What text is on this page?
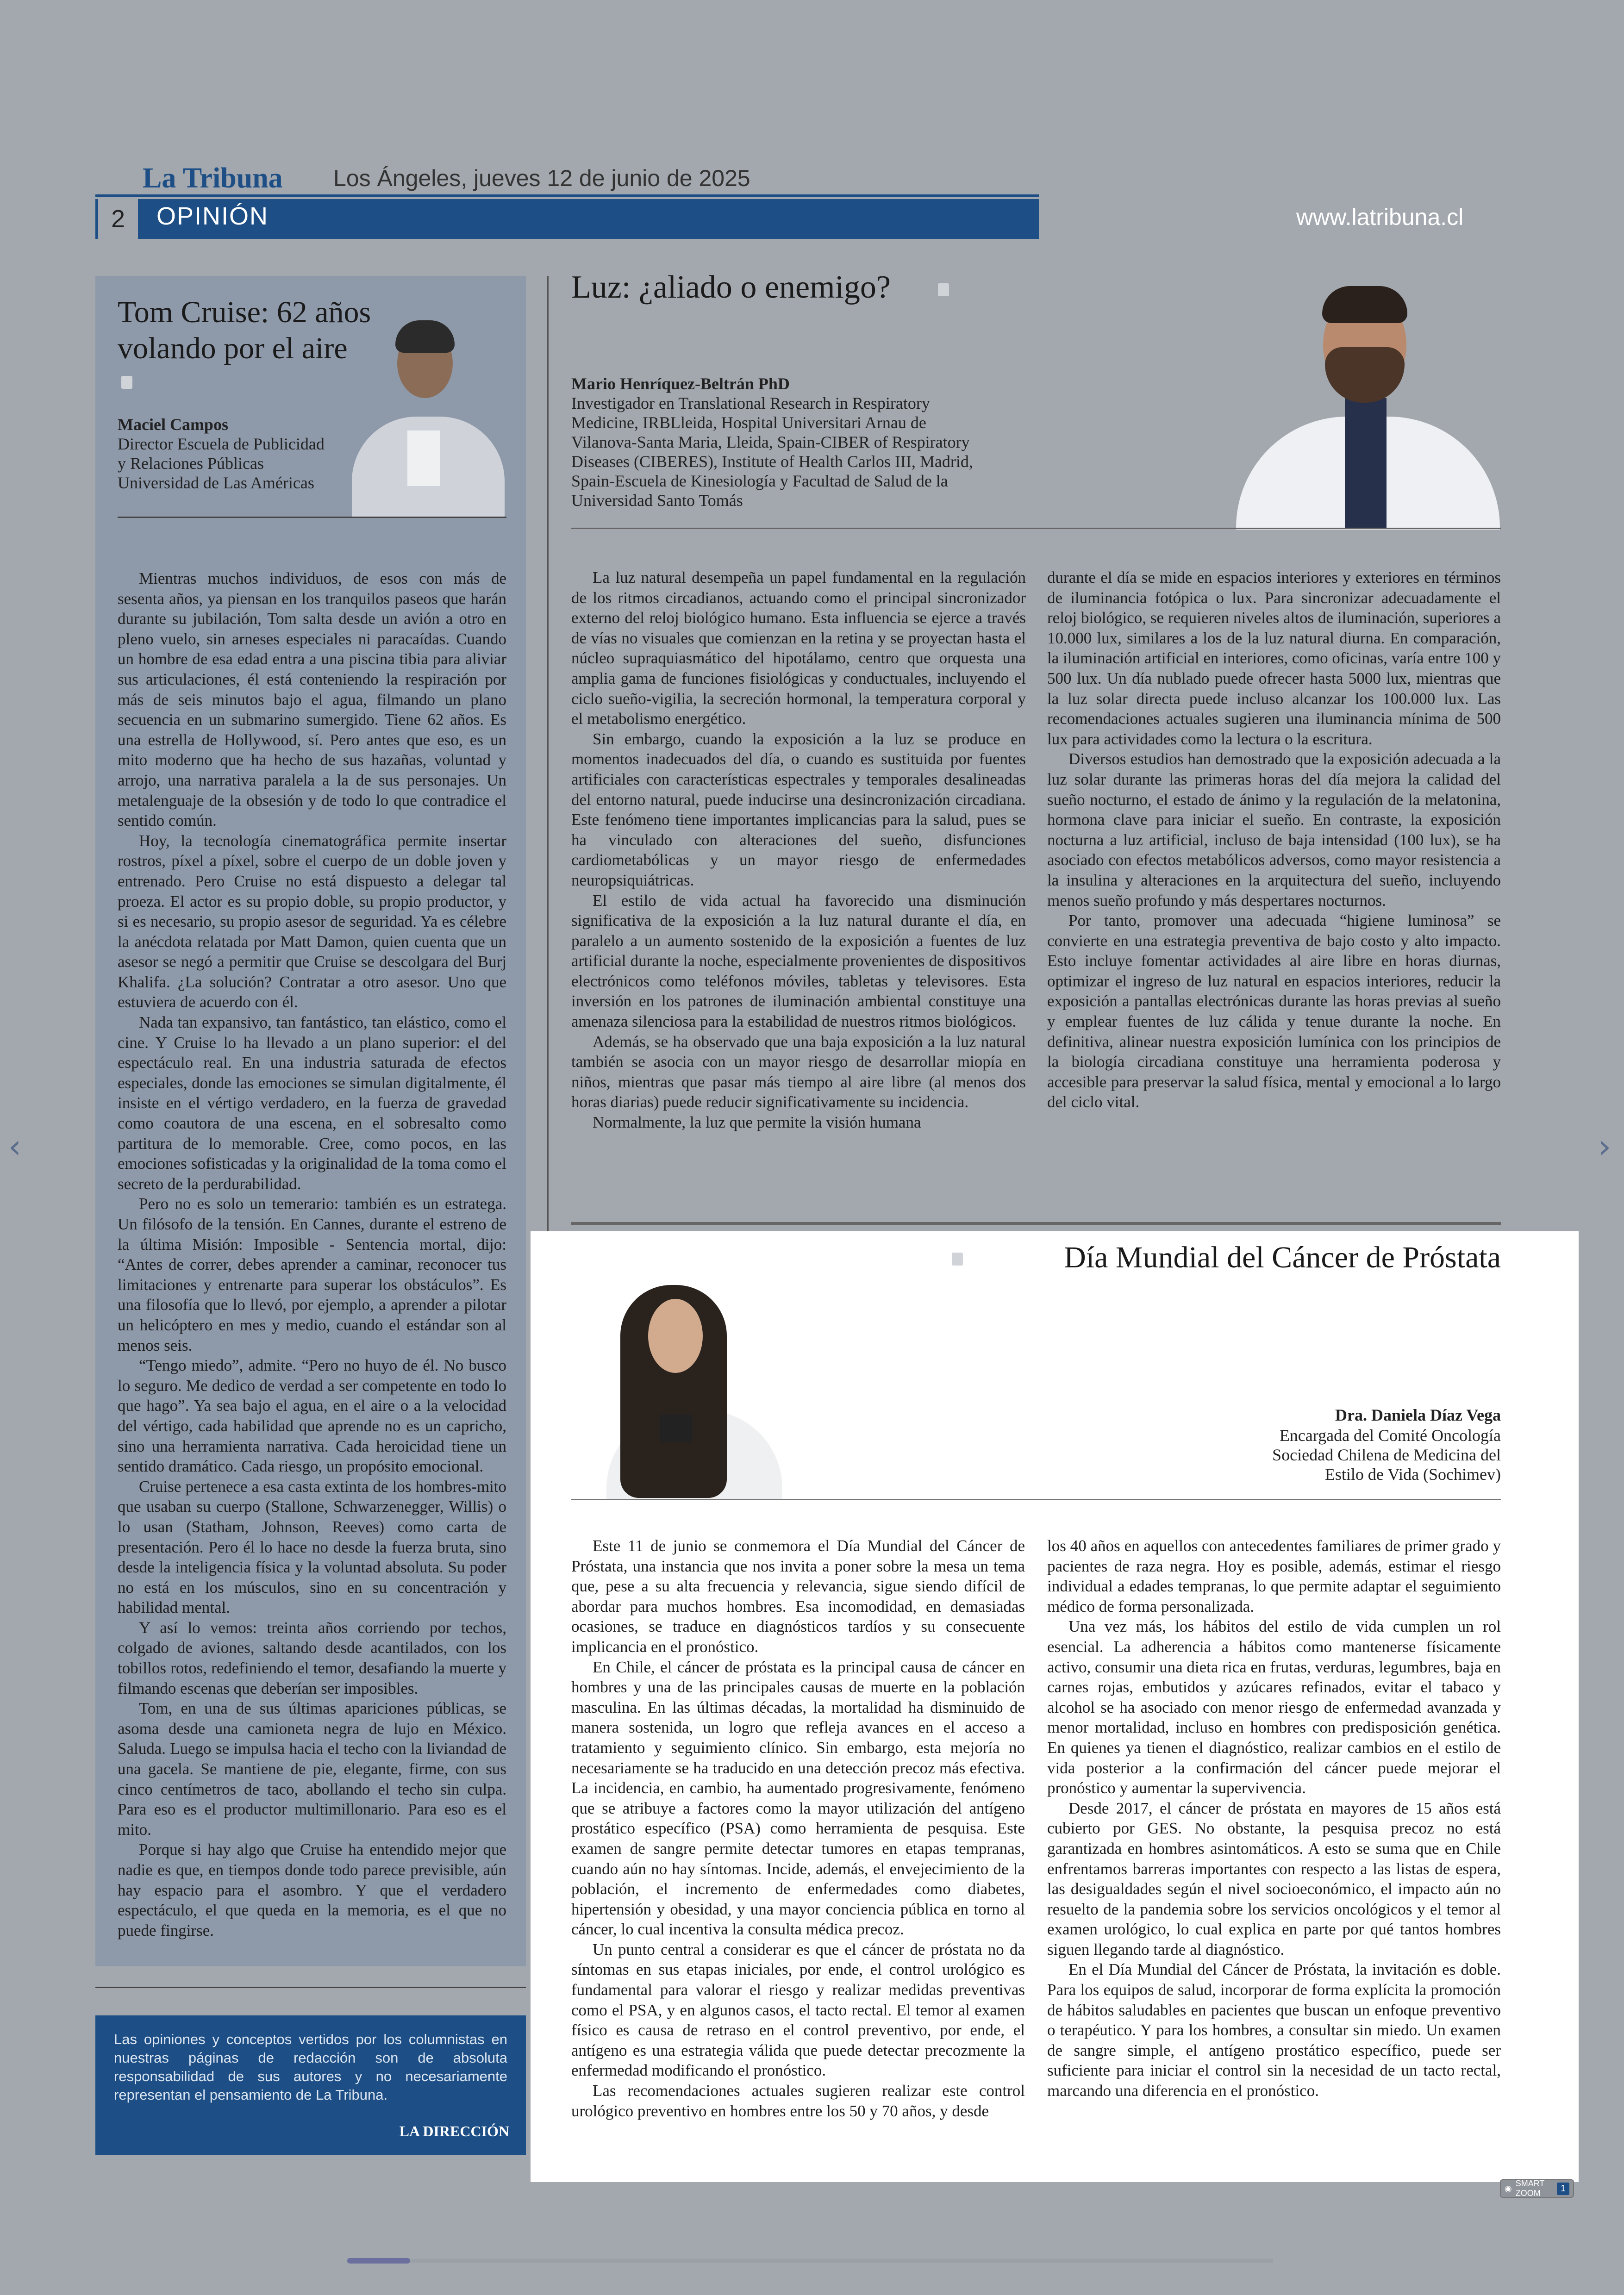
La Tribuna Los Ángeles, jueves 12 de junio de 2025
2	OPINIÓN	www.latribuna.cl
Tom Cruise: 62 años volando por el aire
Maciel Campos
Director Escuela de Publicidad
y Relaciones Públicas
Universidad de Las Américas

Mientras muchos individuos, de esos con más de sesenta años, ya piensan en los tranquilos paseos que harán durante su jubilación, Tom salta desde un avión a otro en pleno vuelo, sin arneses especiales ni paracaídas. Cuando un hombre de esa edad entra a una piscina tibia para aliviar sus articulaciones, él está conteniendo la respiración por más de seis minutos bajo el agua, filmando un plano secuencia en un submarino sumergido. Tiene 62 años. Es una estrella de Hollywood, sí. Pero antes que eso, es un mito moderno que ha hecho de sus hazañas, voluntad y arrojo, una narrativa paralela a la de sus personajes. Un metalenguaje de la obsesión y de todo lo que contradice el sentido común.

Hoy, la tecnología cinematográfica permite insertar rostros, píxel a píxel, sobre el cuerpo de un doble joven y entrenado. Pero Cruise no está dispuesto a delegar tal proeza. El actor es su propio doble, su propio productor, y si es necesario, su propio asesor de seguridad. Ya es célebre la anécdota relatada por Matt Damon, quien cuenta que un asesor se negó a permitir que Cruise se descolgara del Burj Khalifa. ¿La solución? Contratar a otro asesor. Uno que estuviera de acuerdo con él.

Nada tan expansivo, tan fantástico, tan elástico, como el cine. Y Cruise lo ha llevado a un plano superior: el del espectáculo real. En una industria saturada de efectos especiales, donde las emociones se simulan digitalmente, él insiste en el vértigo verdadero, en la fuerza de gravedad como coautora de una escena, en el sobresalto como partitura de lo memorable. Cree, como pocos, en las emociones sofisticadas y la originalidad de la toma como el secreto de la perdurabilidad.

Pero no es solo un temerario: también es un estratega. Un filósofo de la tensión. En Cannes, durante el estreno de la última Misión: Imposible - Sentencia mortal, dijo: “Antes de correr, debes aprender a caminar, reconocer tus limitaciones y entrenarte para superar los obstáculos”. Es una filosofía que lo llevó, por ejemplo, a aprender a pilotar un helicóptero en mes y medio, cuando el estándar son al menos seis.

“Tengo miedo”, admite. “Pero no huyo de él. No busco lo seguro. Me dedico de verdad a ser competente en todo lo que hago”. Ya sea bajo el agua, en el aire o a la velocidad del vértigo, cada habilidad que aprende no es un capricho, sino una herramienta narrativa. Cada heroicidad tiene un sentido dramático. Cada riesgo, un propósito emocional.

Cruise pertenece a esa casta extinta de los hombres-mito que usaban su cuerpo (Stallone, Schwarzenegger, Willis) o lo usan (Statham, Johnson, Reeves) como carta de presentación. Pero él lo hace no desde la fuerza bruta, sino desde la inteligencia física y la voluntad absoluta. Su poder no está en los músculos, sino en su concentración y habilidad mental.

Y así lo vemos: treinta años corriendo por techos, colgado de aviones, saltando desde acantilados, con los tobillos rotos, redefiniendo el temor, desafiando la muerte y filmando escenas que deberían ser imposibles.

Tom, en una de sus últimas apariciones públicas, se asoma desde una camioneta negra de lujo en México. Saluda. Luego se impulsa hacia el techo con la liviandad de una gacela. Se mantiene de pie, elegante, firme, con sus cinco centímetros de taco, abollando el techo sin culpa. Para eso es el productor multimillonario. Para eso es el mito.

Porque si hay algo que Cruise ha entendido mejor que nadie es que, en tiempos donde todo parece previsible, aún hay espacio para el asombro. Y que el verdadero espectáculo, el que queda en la memoria, es el que no puede fingirse.

Las opiniones y conceptos vertidos por los columnistas en nuestras páginas de redacción son de absoluta responsabilidad de sus autores y no necesariamente representan el pensamiento de La Tribuna.
LA DIRECCIÓN
Luz: ¿aliado o enemigo?
Mario Henríquez-Beltrán PhD
Investigador en Translational Research in Respiratory
Medicine, IRBLleida, Hospital Universitari Arnau de
Vilanova-Santa Maria, Lleida, Spain-CIBER of Respiratory
Diseases (CIBERES), Institute of Health Carlos III, Madrid,
Spain-Escuela de Kinesiología y Facultad de Salud de la
Universidad Santo Tomás

La luz natural desempeña un papel fundamental en la regulación de los ritmos circadianos, actuando como el principal sincronizador externo del reloj biológico humano. Esta influencia se ejerce a través de vías no visuales que comienzan en la retina y se proyectan hasta el núcleo supraquiasmático del hipotálamo, centro que orquesta una amplia gama de funciones fisiológicas y conductuales, incluyendo el ciclo sueño-vigilia, la secreción hormonal, la temperatura corporal y el metabolismo energético.

Sin embargo, cuando la exposición a la luz se produce en momentos inadecuados del día, o cuando es sustituida por fuentes artificiales con características espectrales y temporales desalineadas del entorno natural, puede inducirse una desincronización circadiana. Este fenómeno tiene importantes implicancias para la salud, pues se ha vinculado con alteraciones del sueño, disfunciones cardiometabólicas y un mayor riesgo de enfermedades neuropsiquiátricas.

El estilo de vida actual ha favorecido una disminución significativa de la exposición a la luz natural durante el día, en paralelo a un aumento sostenido de la exposición a fuentes de luz artificial durante la noche, especialmente provenientes de dispositivos electrónicos como teléfonos móviles, tabletas y televisores. Esta inversión en los patrones de iluminación ambiental constituye una amenaza silenciosa para la estabilidad de nuestros ritmos biológicos.

Además, se ha observado que una baja exposición a la luz natural también se asocia con un mayor riesgo de desarrollar miopía en niños, mientras que pasar más tiempo al aire libre (al menos dos horas diarias) puede reducir significativamente su incidencia.

Normalmente, la luz que permite la visión humana

durante el día se mide en espacios interiores y exteriores en términos de iluminancia fotópica o lux. Para sincronizar adecuadamente el reloj biológico, se requieren niveles altos de iluminación, superiores a 10.000 lux, similares a los de la luz natural diurna. En comparación, la iluminación artificial en interiores, como oficinas, varía entre 100 y 500 lux. Un día nublado puede ofrecer hasta 5000 lux, mientras que la luz solar directa puede incluso alcanzar los 100.000 lux. Las recomendaciones actuales sugieren una iluminancia mínima de 500 lux para actividades como la lectura o la escritura.

Diversos estudios han demostrado que la exposición adecuada a la luz solar durante las primeras horas del día mejora la calidad del sueño nocturno, el estado de ánimo y la regulación de la melatonina, hormona clave para iniciar el sueño. En contraste, la exposición nocturna a luz artificial, incluso de baja intensidad (100 lux), se ha asociado con efectos metabólicos adversos, como mayor resistencia a la insulina y alteraciones en la arquitectura del sueño, incluyendo menos sueño profundo y más despertares nocturnos.

Por tanto, promover una adecuada “higiene luminosa” se convierte en una estrategia preventiva de bajo costo y alto impacto. Esto incluye fomentar actividades al aire libre en horas diurnas, optimizar el ingreso de luz natural en espacios interiores, reducir la exposición a pantallas electrónicas durante las horas previas al sueño y emplear fuentes de luz cálida y tenue durante la noche. En definitiva, alinear nuestra exposición lumínica con los principios de la biología circadiana constituye una herramienta poderosa y accesible para preservar la salud física, mental y emocional a lo largo del ciclo vital.

Día Mundial del Cáncer de Próstata
Dra. Daniela Díaz Vega
Encargada del Comité Oncología
Sociedad Chilena de Medicina del
Estilo de Vida (Sochimev)

Este 11 de junio se conmemora el Día Mundial del Cáncer de Próstata, una instancia que nos invita a poner sobre la mesa un tema que, pese a su alta frecuencia y relevancia, sigue siendo difícil de abordar para muchos hombres. Esa incomodidad, en demasiadas ocasiones, se traduce en diagnósticos tardíos y su consecuente implicancia en el pronóstico.

En Chile, el cáncer de próstata es la principal causa de cáncer en hombres y una de las principales causas de muerte en la población masculina. En las últimas décadas, la mortalidad ha disminuido de manera sostenida, un logro que refleja avances en el acceso a tratamiento y seguimiento clínico. Sin embargo, esta mejoría no necesariamente se ha traducido en una detección precoz más efectiva. La incidencia, en cambio, ha aumentado progresivamente, fenómeno que se atribuye a factores como la mayor utilización del antígeno prostático específico (PSA) como herramienta de pesquisa. Este examen de sangre permite detectar tumores en etapas tempranas, cuando aún no hay síntomas. Incide, además, el envejecimiento de la población, el incremento de enfermedades como diabetes, hipertensión y obesidad, y una mayor conciencia pública en torno al cáncer, lo cual incentiva la consulta médica precoz.

Un punto central a considerar es que el cáncer de próstata no da síntomas en sus etapas iniciales, por ende, el control urológico es fundamental para valorar el riesgo y realizar medidas preventivas como el PSA, y en algunos casos, el tacto rectal. El temor al examen físico es causa de retraso en el control preventivo, por ende, el antígeno es una estrategia válida que puede detectar precozmente la enfermedad modificando el pronóstico.

Las recomendaciones actuales sugieren realizar este control urológico preventivo en hombres entre los 50 y 70 años, y desde

los 40 años en aquellos con antecedentes familiares de primer grado y pacientes de raza negra. Hoy es posible, además, estimar el riesgo individual a edades tempranas, lo que permite adaptar el seguimiento médico de forma personalizada.

Una vez más, los hábitos del estilo de vida cumplen un rol esencial. La adherencia a hábitos como mantenerse físicamente activo, consumir una dieta rica en frutas, verduras, legumbres, baja en carnes rojas, embutidos y azúcares refinados, evitar el tabaco y alcohol se ha asociado con menor riesgo de enfermedad avanzada y menor mortalidad, incluso en hombres con predisposición genética. En quienes ya tienen el diagnóstico, realizar cambios en el estilo de vida posterior a la confirmación del cáncer puede mejorar el pronóstico y aumentar la supervivencia.

Desde 2017, el cáncer de próstata en mayores de 15 años está cubierto por GES. No obstante, la pesquisa precoz no está garantizada en hombres asintomáticos. A esto se suma que en Chile enfrentamos barreras importantes con respecto a las listas de espera, las desigualdades según el nivel socioeconómico, el impacto aún no resuelto de la pandemia sobre los servicios oncológicos y el temor al examen urológico, lo cual explica en parte por qué tantos hombres siguen llegando tarde al diagnóstico.

En el Día Mundial del Cáncer de Próstata, la invitación es doble. Para los equipos de salud, incorporar de forma explícita la promoción de hábitos saludables en pacientes que buscan un enfoque preventivo o terapéutico. Y para los hombres, a consultar sin miedo. Un examen de sangre simple, el antígeno prostático específico, puede ser suficiente para iniciar el control sin la necesidad de un tacto rectal, marcando una diferencia en el pronóstico.

‹	›
◉
SMART ZOOM	1
